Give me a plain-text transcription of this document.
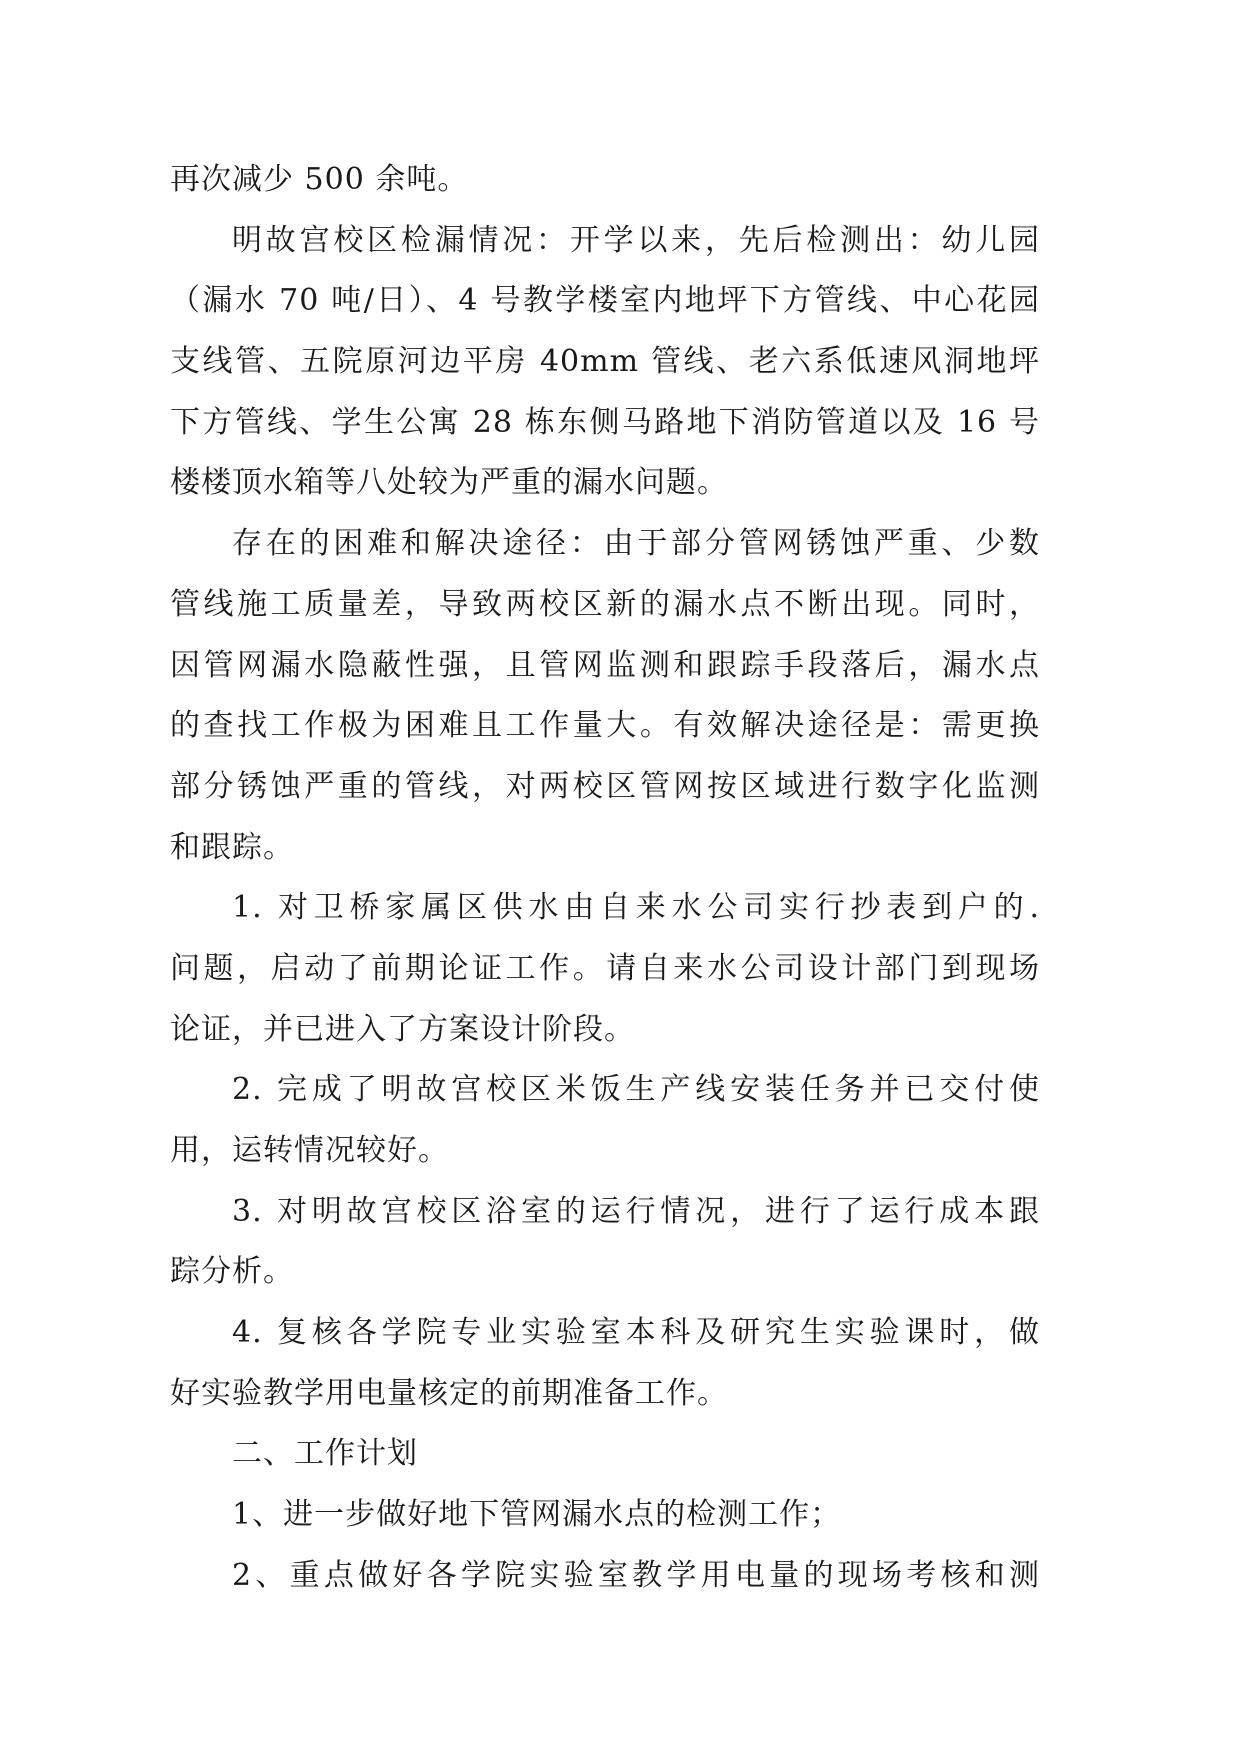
再次减少 500 余吨。
明故宫校区检漏情况：开学以来，先后检测出：幼儿园
（漏水 70 吨/日）、4 号教学楼室内地坪下方管线、中心花园
支线管、五院原河边平房 40mm 管线、老六系低速风洞地坪
下方管线、学生公寓 28 栋东侧马路地下消防管道以及 16 号
楼楼顶水箱等八处较为严重的漏水问题。
存在的困难和解决途径：由于部分管网锈蚀严重、少数
管线施工质量差，导致两校区新的漏水点不断出现。同时，
因管网漏水隐蔽性强，且管网监测和跟踪手段落后，漏水点
的查找工作极为困难且工作量大。有效解决途径是：需更换
部分锈蚀严重的管线，对两校区管网按区域进行数字化监测
和跟踪。
1. 对卫桥家属区供水由自来水公司实行抄表到户的.
问题，启动了前期论证工作。请自来水公司设计部门到现场
论证，并已进入了方案设计阶段。
2. 完成了明故宫校区米饭生产线安装任务并已交付使
用，运转情况较好。
3. 对明故宫校区浴室的运行情况，进行了运行成本跟
踪分析。
4. 复核各学院专业实验室本科及研究生实验课时，做
好实验教学用电量核定的前期准备工作。
二、工作计划
1、进一步做好地下管网漏水点的检测工作；
2、重点做好各学院实验室教学用电量的现场考核和测
